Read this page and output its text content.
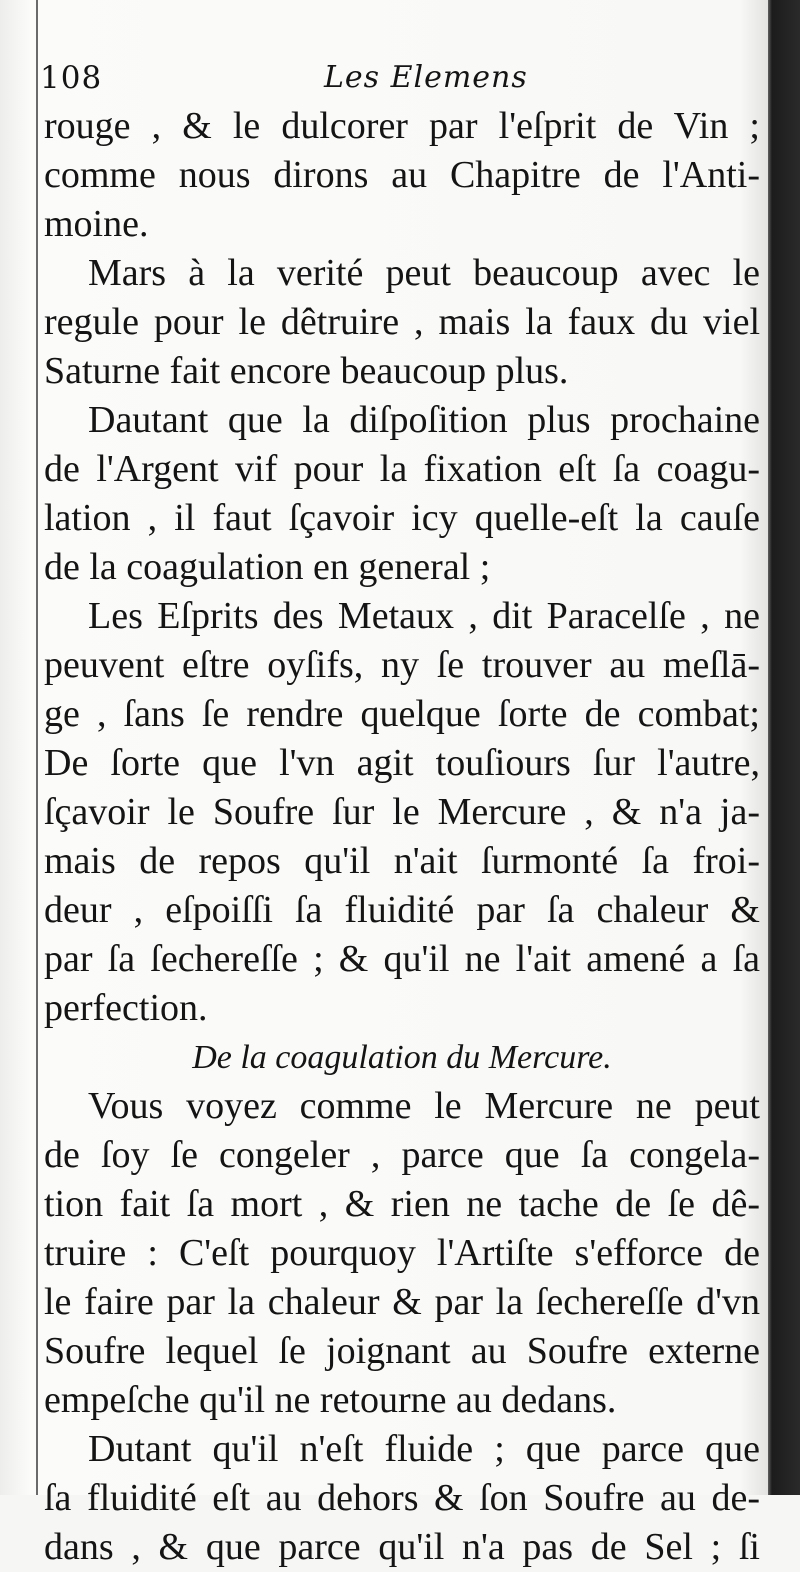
108	Les Elemens
rouge , & le dulcorer par l'eſprit de Vin ;
comme nous dirons au Chapitre de l'Anti-
moine.
Mars à la verité peut beaucoup avec le
regule pour le dêtruire , mais la faux du viel
Saturne fait encore beaucoup plus.
Dautant que la diſpoſition plus prochaine
de l'Argent vif pour la fixation eſt ſa coagu-
lation , il faut ſçavoir icy quelle-eſt la cauſe
de la coagulation en general ;
Les Eſprits des Metaux , dit Paracelſe , ne
peuvent eſtre oyſifs, ny ſe trouver au meſlā-
ge , ſans ſe rendre quelque ſorte de combat;
De ſorte que l'vn agit touſiours ſur l'autre,
ſçavoir le Soufre ſur le Mercure , & n'a ja-
mais de repos qu'il n'ait ſurmonté ſa froi-
deur , eſpoiſſi ſa fluidité par ſa chaleur &
par ſa ſechereſſe ; & qu'il ne l'ait amené a ſa
perfection.
De la coagulation du Mercure.
Vous voyez comme le Mercure ne peut
de ſoy ſe congeler , parce que ſa congela-
tion fait ſa mort , & rien ne tache de ſe dê-
truire : C'eſt pourquoy l'Artiſte s'efforce de
le faire par la chaleur & par la ſechereſſe d'vn
Soufre lequel ſe joignant au Soufre externe
empeſche qu'il ne retourne au dedans.
Dutant qu'il n'eſt fluide ; que parce que
ſa fluidité eſt au dehors & ſon Soufre au de-
dans , & que parce qu'il n'a pas de Sel ; ſi
